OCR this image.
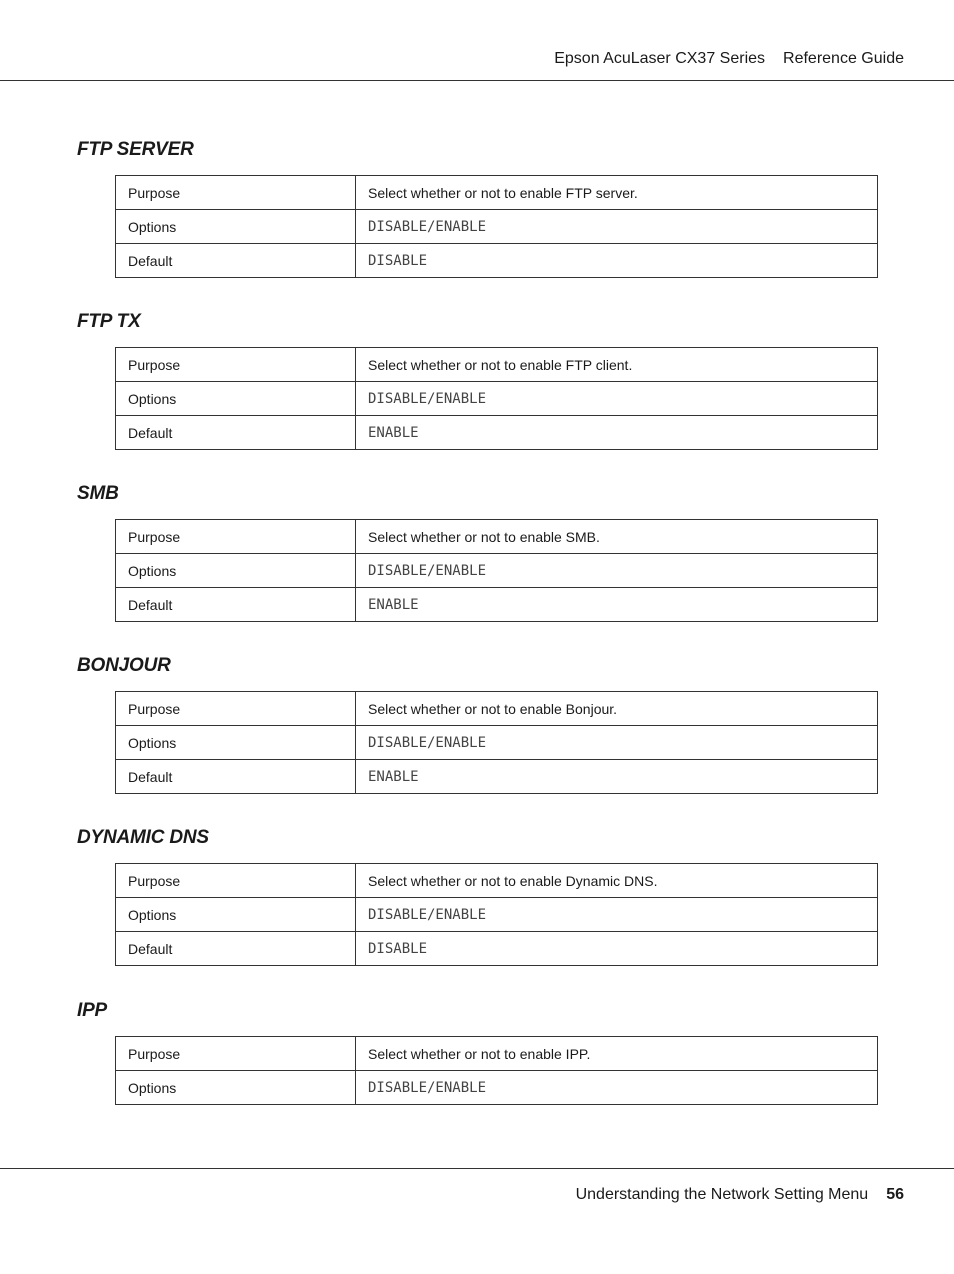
Epson AcuLaser CX37 Series Reference Guide
FTP SERVER
Purpose	Select whether or not to enable FTP server.
Options	DISABLE/ENABLE
Default	DISABLE
FTP TX
Purpose	Select whether or not to enable FTP client.
Options	DISABLE/ENABLE
Default	ENABLE
SMB
Purpose	Select whether or not to enable SMB.
Options	DISABLE/ENABLE
Default	ENABLE
BONJOUR
Purpose	Select whether or not to enable Bonjour.
Options	DISABLE/ENABLE
Default	ENABLE
DYNAMIC DNS
Purpose	Select whether or not to enable Dynamic DNS.
Options	DISABLE/ENABLE
Default	DISABLE
IPP
Purpose	Select whether or not to enable IPP.
Options	DISABLE/ENABLE
Understanding the Network Setting Menu 56
